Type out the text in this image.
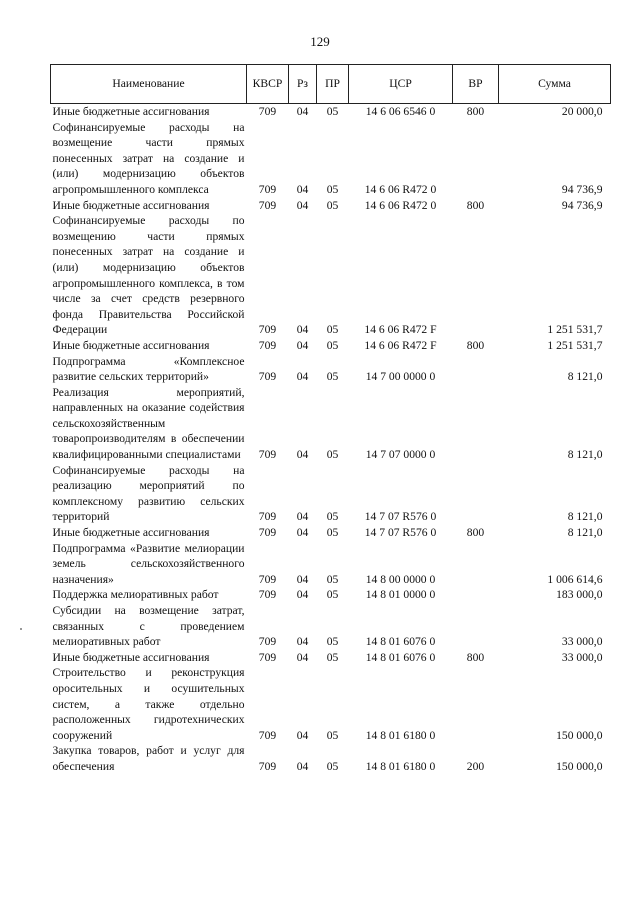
129
Наименование	КВСР	Рз	ПР	ЦСР	ВР	Сумма
Иные бюджетные ассигнования	709	04	05	14 6 06 6546 0	800	20 000,0
Софинансируемые расходы на возмещение части прямых понесенных затрат на создание и (или) модернизацию объектов агропромышленного комплекса	709	04	05	14 6 06 R472 0		94 736,9
Иные бюджетные ассигнования	709	04	05	14 6 06 R472 0	800	94 736,9
Софинансируемые расходы по возмещению части прямых понесенных затрат на создание и (или) модернизацию объектов агропромышленного комплекса, в том числе за счет средств резервного фонда Правительства Российской Федерации	709	04	05	14 6 06 R472 F		1 251 531,7
Иные бюджетные ассигнования	709	04	05	14 6 06 R472 F	800	1 251 531,7
Подпрограмма «Комплексное развитие сельских территорий»	709	04	05	14 7 00 0000 0		8 121,0
Реализация мероприятий, направленных на оказание содействия сельскохозяйственным товаропроизводителям в обеспечении квалифицированными специалистами	709	04	05	14 7 07 0000 0		8 121,0
Софинансируемые расходы на реализацию мероприятий по комплексному развитию сельских территорий	709	04	05	14 7 07 R576 0		8 121,0
Иные бюджетные ассигнования	709	04	05	14 7 07 R576 0	800	8 121,0
Подпрограмма «Развитие мелиорации земель сельскохозяйственного назначения»	709	04	05	14 8 00 0000 0		1 006 614,6
Поддержка мелиоративных работ	709	04	05	14 8 01 0000 0		183 000,0
Субсидии на возмещение затрат, связанных с проведением мелиоративных работ	709	04	05	14 8 01 6076 0		33 000,0
Иные бюджетные ассигнования	709	04	05	14 8 01 6076 0	800	33 000,0
Строительство и реконструкция оросительных и осушительных систем, а также отдельно расположенных гидротехнических сооружений	709	04	05	14 8 01 6180 0		150 000,0
Закупка товаров, работ и услуг для обеспечения	709	04	05	14 8 01 6180 0	200	150 000,0
